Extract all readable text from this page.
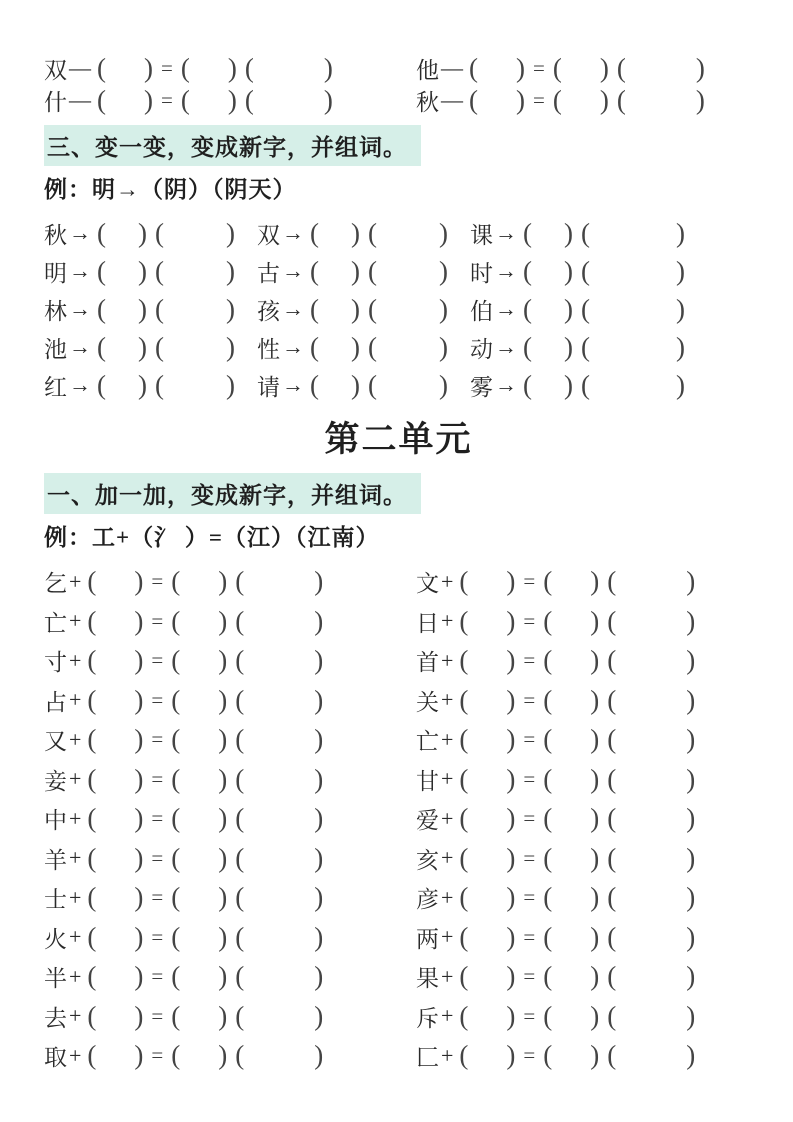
双 — ( ) = ( ) (	)	他 — ( ) = ( ) (	)
什 — ( ) = ( ) (	)	秋 — ( ) = ( ) (	)
三、变一变，变成新字，并组词。
例：明→（阴）（阴天）
秋 → ( ) ( ) 双 → ( ) ( ) 课 → ( ) (	)
明 → ( ) ( ) 古 → ( ) ( ) 时 → ( ) (	)
林 → ( ) ( ) 孩 → ( ) ( ) 伯 → ( ) (	)
池 → ( ) ( ) 性 → ( ) ( ) 动 → ( ) (	)
红 → ( ) ( ) 请 → ( ) ( ) 雾 → ( ) (	)
第二单元
一、加一加，变成新字，并组词。
例：工+（氵 ）=（江）（江南）
乞 + ( ) = ( ) (	)	文 + ( ) = ( ) (	)
亡 + ( ) = ( ) (	)	日 + ( ) = ( ) (	)
寸 + ( ) = ( ) (	)	首 + ( ) = ( ) (	)
占 + ( ) = ( ) (	)	关 + ( ) = ( ) (	)
又 + ( ) = ( ) (	)	亡 + ( ) = ( ) (	)
妾 + ( ) = ( ) (	)	甘 + ( ) = ( ) (	)
中 + ( ) = ( ) (	)	爱 + ( ) = ( ) (	)
羊 + ( ) = ( ) (	)	亥 + ( ) = ( ) (	)
士 + ( ) = ( ) (	)	彦 + ( ) = ( ) (	)
火 + ( ) = ( ) (	)	两 + ( ) = ( ) (	)
半 + ( ) = ( ) (	)	果 + ( ) = ( ) (	)
去 + ( ) = ( ) (	)	斥 + ( ) = ( ) (	)
取 + ( ) = ( ) (	)	匚 + ( ) = ( ) (	)
